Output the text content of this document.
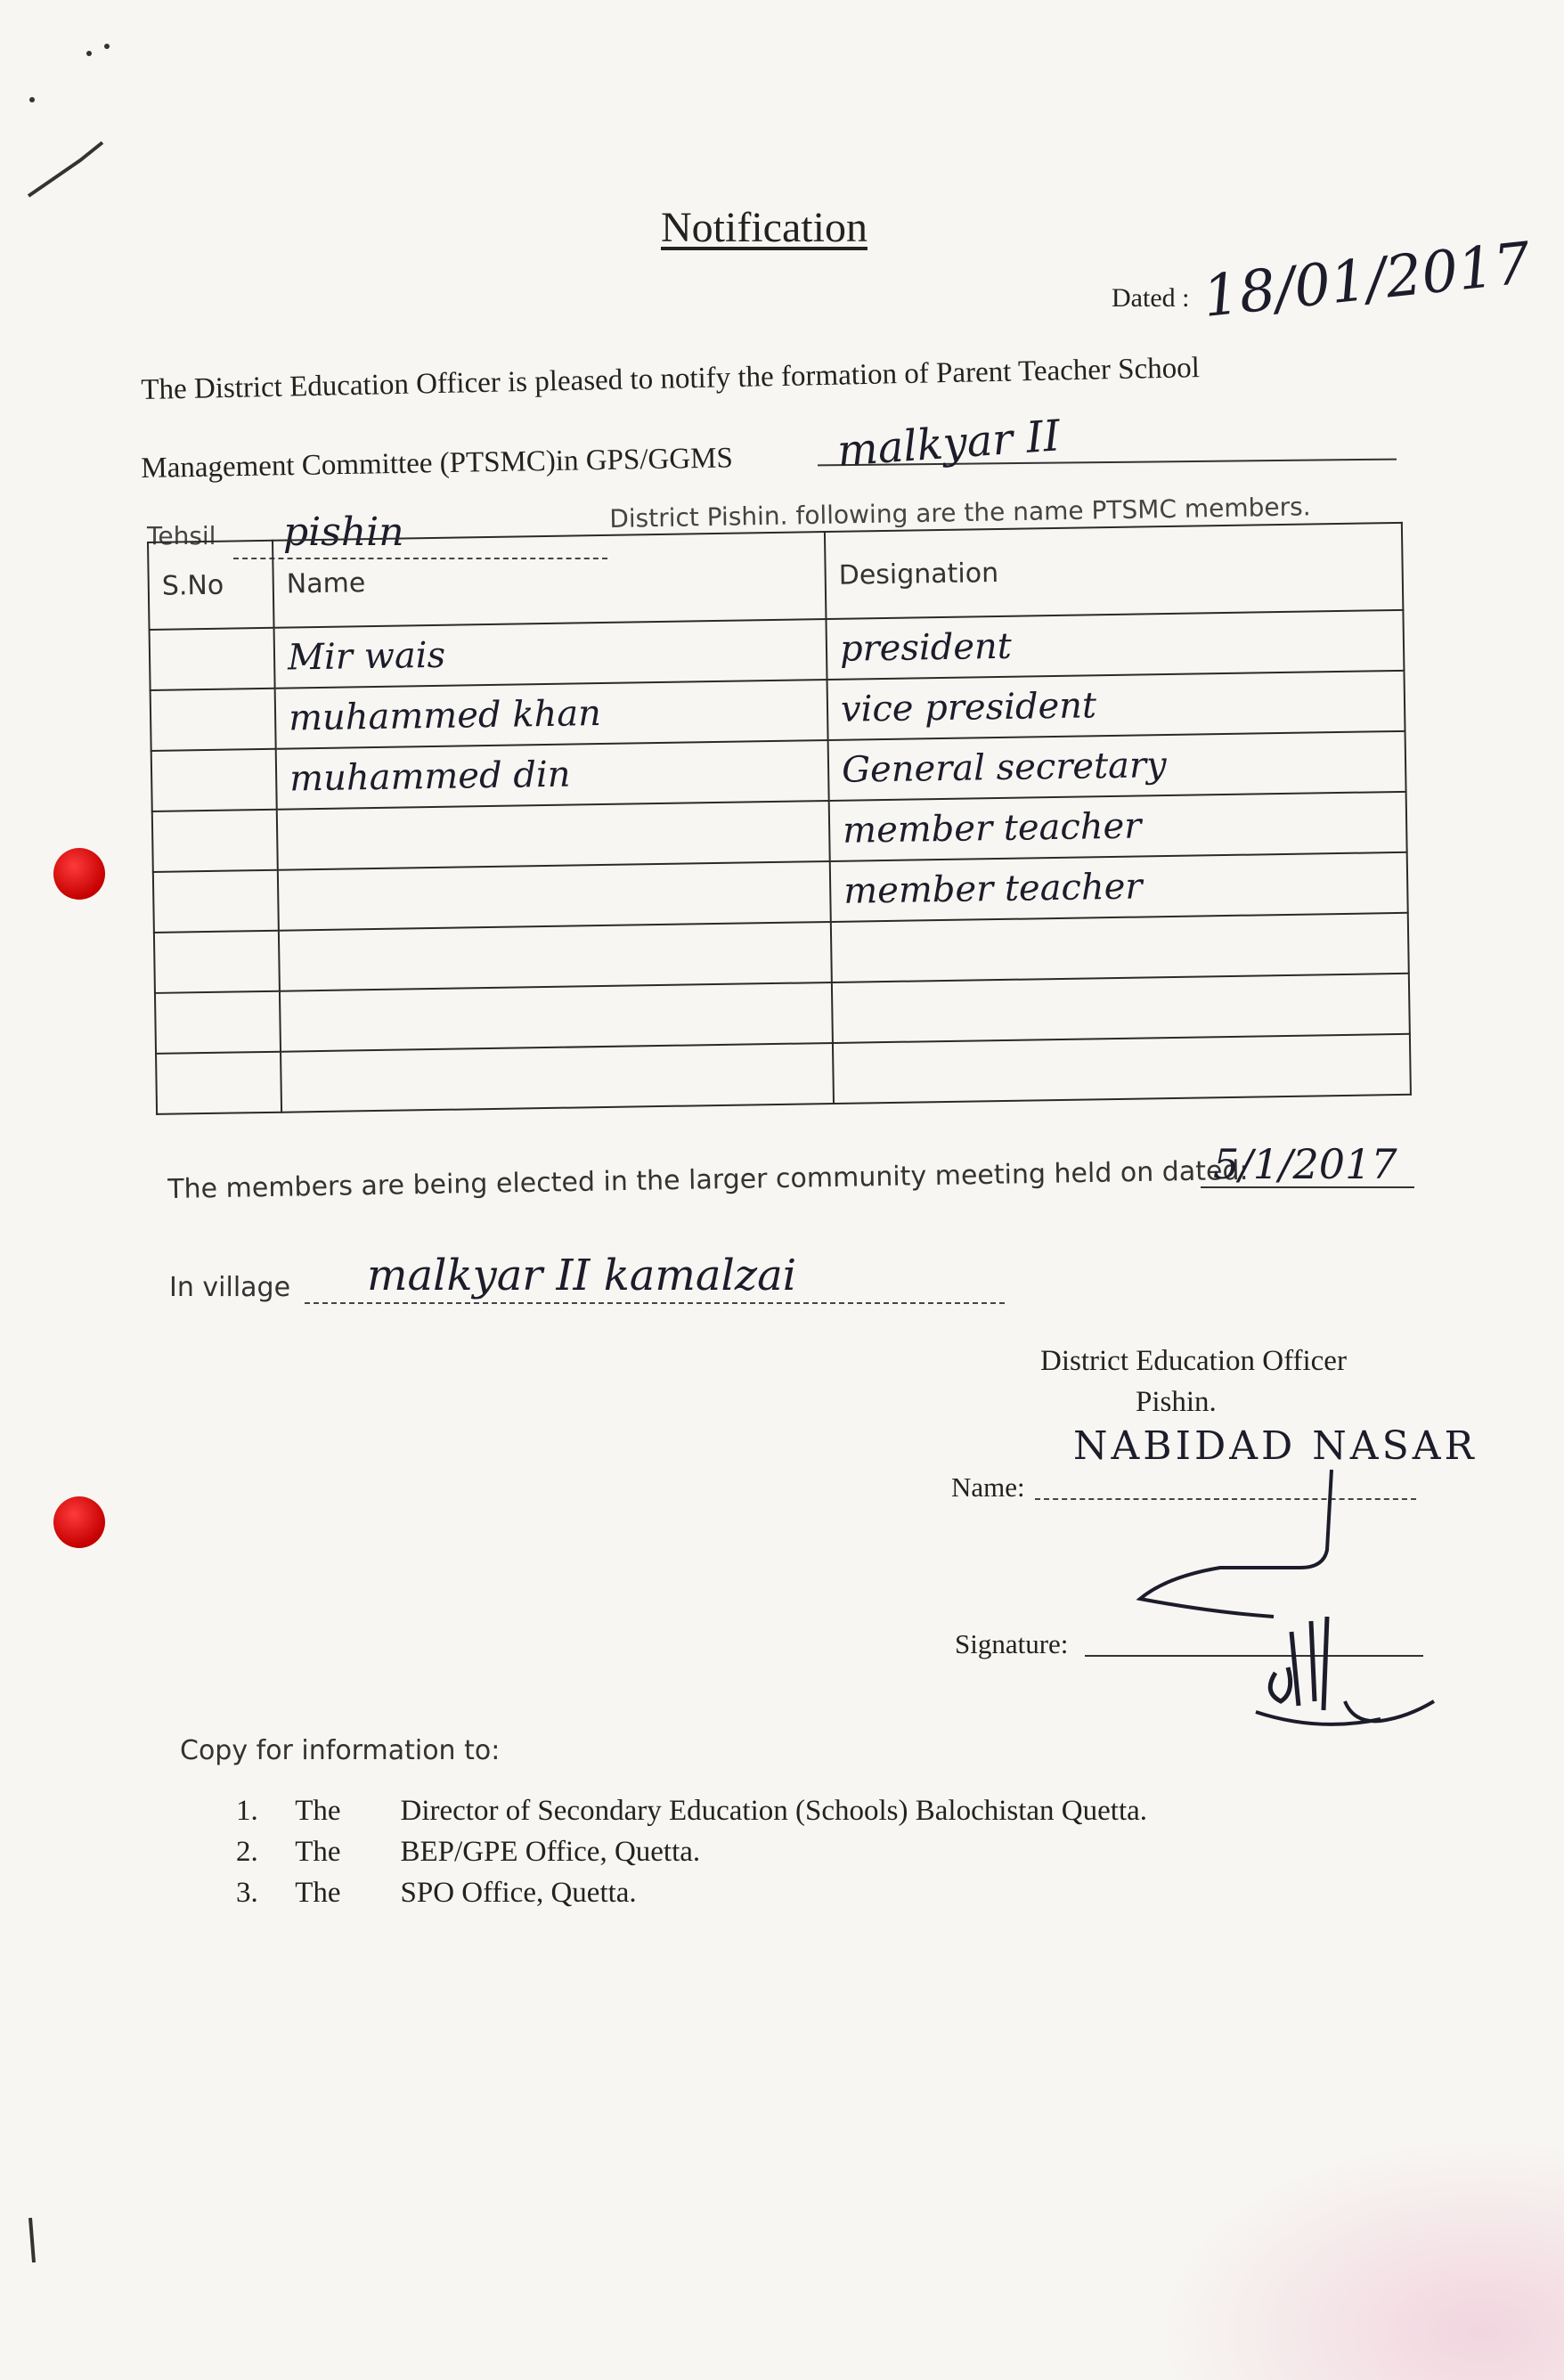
Notification
Dated : 18/01/2017
The District Education Officer is pleased to notify the formation of Parent Teacher School
Management Committee (PTSMC)in GPS/GGMS malkyar II
Tehsil pishin	District Pishin. following are the name PTSMC members.
S.No	Name	Designation
	Mir wais	president
	muhammed khan	vice president
	muhammed din	General secretary
		member teacher
		member teacher

The members are being elected in the larger community meeting held on dated:
5/1/2017
In village malkyar II kamalzai
District Education Officer
Pishin.
Name:
NABIDAD NASAR
Signature:
Copy for information to:
1. The Director of Secondary Education (Schools) Balochistan Quetta.
2. The BEP/GPE Office, Quetta.
3. The SPO Office, Quetta.
